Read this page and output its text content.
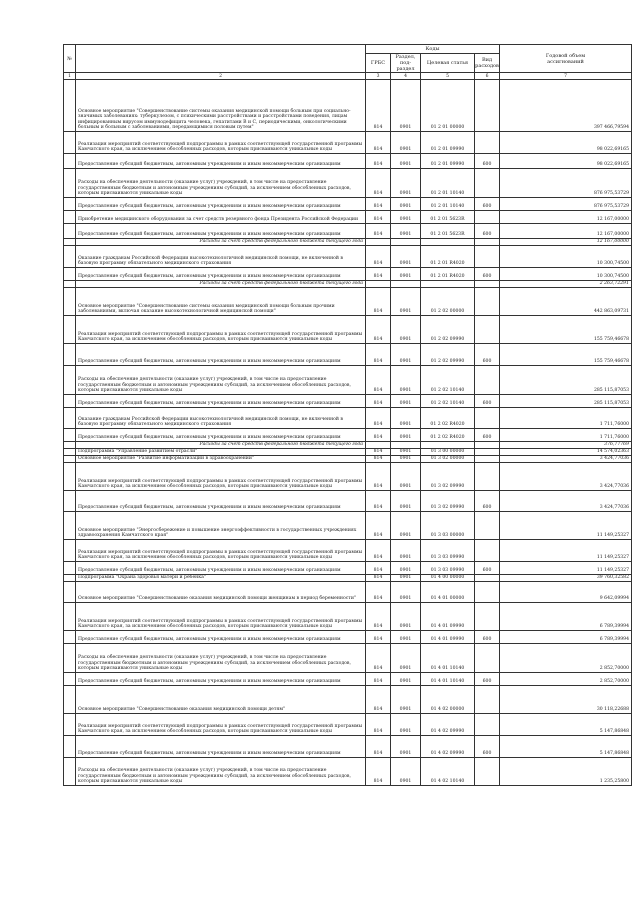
№		Коды				Годовой объем
ассигнований
		ГРБС	Раздел, под-
раздел	Целевая статья	Вид
расходов	
1	2	3	4	5	6	7
	Основное мероприятие "Совершенствование системы оказания медицинской помощи больным при социально-значимых заболеваниях: туберкулезом, с психическими расстройствами и расстройствами поведения, лицам инфицированным вирусом иммунодефицита человека, гепатитами В и С, периодическими, онкологическими больным и больным с заболеваниями, передающимися половым путем"	814	0901	01 2 01 00000		397 466,79594
	Реализация мероприятий соответствующей подпрограммы в рамках соответствующей государственной программы Камчатского края, за исключением обособленных расходов, которым присваиваются уникальные коды	814	0901	01 2 01 09990		98 022,69165
	Предоставление субсидий бюджетным, автономным учреждениям и иным некоммерческим организациям	814	0901	01 2 01 09990	600	98 022,69165
	Расходы на обеспечение деятельности (оказание услуг) учреждений, в том числе на предоставление государственным бюджетным и автономным учреждениям субсидий, за исключением обособленных расходов, которым присваиваются уникальные коды	814	0901	01 2 01 10140		876 975,53729
	Предоставление субсидий бюджетным, автономным учреждениям и иным некоммерческим организациям	814	0901	01 2 01 10140	600	876 975,53729
	Приобретение медицинского оборудования за счет средств резервного фонда Президента Российской Федерации	814	0901	01 2 01 5623R		12 167,00000
	Предоставление субсидий бюджетным, автономным учреждениям и иным некоммерческим организациям	814	0901	01 2 01 5623R	600	12 167,00000
	Расходы за счет средств федерального бюджета текущего года					12 167,00000
	Оказание гражданам Российской Федерации высокотехнологичной медицинской помощи, не включенной в базовую программу обязательного медицинского страхования	814	0901	01 2 01 R4020		10 300,74500
	Предоставление субсидий бюджетным, автономным учреждениям и иным некоммерческим организациям	814	0901	01 2 01 R4020	600	10 300,74500
	Расходы за счет средств федерального бюджета текущего года					2 263,72291
	Основное мероприятие "Совершенствование системы оказания медицинской помощи больным прочими заболеваниями, включая оказание высокотехнологичной медицинской помощи"	814	0901	01 2 02 00000		442 863,09731
	Реализация мероприятий соответствующей подпрограммы в рамках соответствующей государственной программы Камчатского края, за исключением обособленных расходов, которым присваиваются уникальные коды	814	0901	01 2 02 09990		155 759,46678
	Предоставление субсидий бюджетным, автономным учреждениям и иным некоммерческим организациям	814	0901	01 2 02 09990	600	155 759,46678
	Расходы на обеспечение деятельности (оказание услуг) учреждений, в том числе на предоставление государственным бюджетным и автономным учреждениям субсидий, за исключением обособленных расходов, которым присваиваются уникальные коды	814	0901	01 2 02 10140		285 115,87053
	Предоставление субсидий бюджетным, автономным учреждениям и иным некоммерческим организациям	814	0901	01 2 02 10140	600	285 115,87053
	Оказание гражданам Российской Федерации высокотехнологичной медицинской помощи, не включенной в базовую программу обязательного медицинского страхования	814	0901	01 2 02 R4020		1 711,76000
	Предоставление субсидий бюджетным, автономным учреждениям и иным некоммерческим организациям	814	0901	01 2 02 R4020	600	1 711,76000
	Расходы за счет средств федерального бюджета текущего года					376,77769
	Подпрограмма "Управление развитием отрасли"	814	0901	01 3 00 00000		14 574,02363
	Основное мероприятие "Развитие информатизации в здравоохранении"	814	0901	01 3 02 00000		3 424,77036
	Реализация мероприятий соответствующей подпрограммы в рамках соответствующей государственной программы Камчатского края, за исключением обособленных расходов, которым присваиваются уникальные коды	814	0901	01 3 02 09990		3 424,77036
	Предоставление субсидий бюджетным, автономным учреждениям и иным некоммерческим организациям	814	0901	01 3 02 09990	600	3 424,77036
	Основное мероприятие "Энергосбережение и повышение энергоэффективности в государственных учреждениях здравоохранения Камчатского края"	814	0901	01 3 03 00000		11 149,25327
	Реализация мероприятий соответствующей подпрограммы в рамках соответствующей государственной программы Камчатского края, за исключением обособленных расходов, которым присваиваются уникальные коды	814	0901	01 3 03 09990		11 149,25327
	Предоставление субсидий бюджетным, автономным учреждениям и иным некоммерческим организациям	814	0901	01 3 03 09990	600	11 149,25327
	Подпрограмма "Охрана здоровья матери и ребенка"	814	0901	01 4 00 00000		39 760,32582
	Основное мероприятие "Совершенствование оказания медицинской помощи женщинам в период беременности"	814	0901	01 4 01 00000		9 642,09994
	Реализация мероприятий соответствующей подпрограммы в рамках соответствующей государственной программы Камчатского края, за исключением обособленных расходов, которым присваиваются уникальные коды	814	0901	01 4 01 09990		6 789,39994
	Предоставление субсидий бюджетным, автономным учреждениям и иным некоммерческим организациям	814	0901	01 4 01 09990	600	6 789,39994
	Расходы на обеспечение деятельности (оказание услуг) учреждений, в том числе на предоставление государственным бюджетным и автономным учреждениям субсидий, за исключением обособленных расходов, которым присваиваются уникальные коды	814	0901	01 4 01 10140		2 852,70000
	Предоставление субсидий бюджетным, автономным учреждениям и иным некоммерческим организациям	814	0901	01 4 01 10140	600	2 852,70000
	Основное мероприятие "Совершенствование оказания медицинской помощи детям"	814	0901	01 4 02 00000		30 118,22688
	Реализация мероприятий соответствующей подпрограммы в рамках соответствующей государственной программы Камчатского края, за исключением обособленных расходов, которым присваиваются уникальные коды	814	0901	01 4 02 09990		5 147,86848
	Предоставление субсидий бюджетным, автономным учреждениям и иным некоммерческим организациям	814	0901	01 4 02 09990	600	5 147,86848
	Расходы на обеспечение деятельности (оказание услуг) учреждений, в том числе на предоставление государственным бюджетным и автономным учреждениям субсидий, за исключением обособленных расходов, которым присваиваются уникальные коды	814	0901	01 4 02 10140		1 235,25800
